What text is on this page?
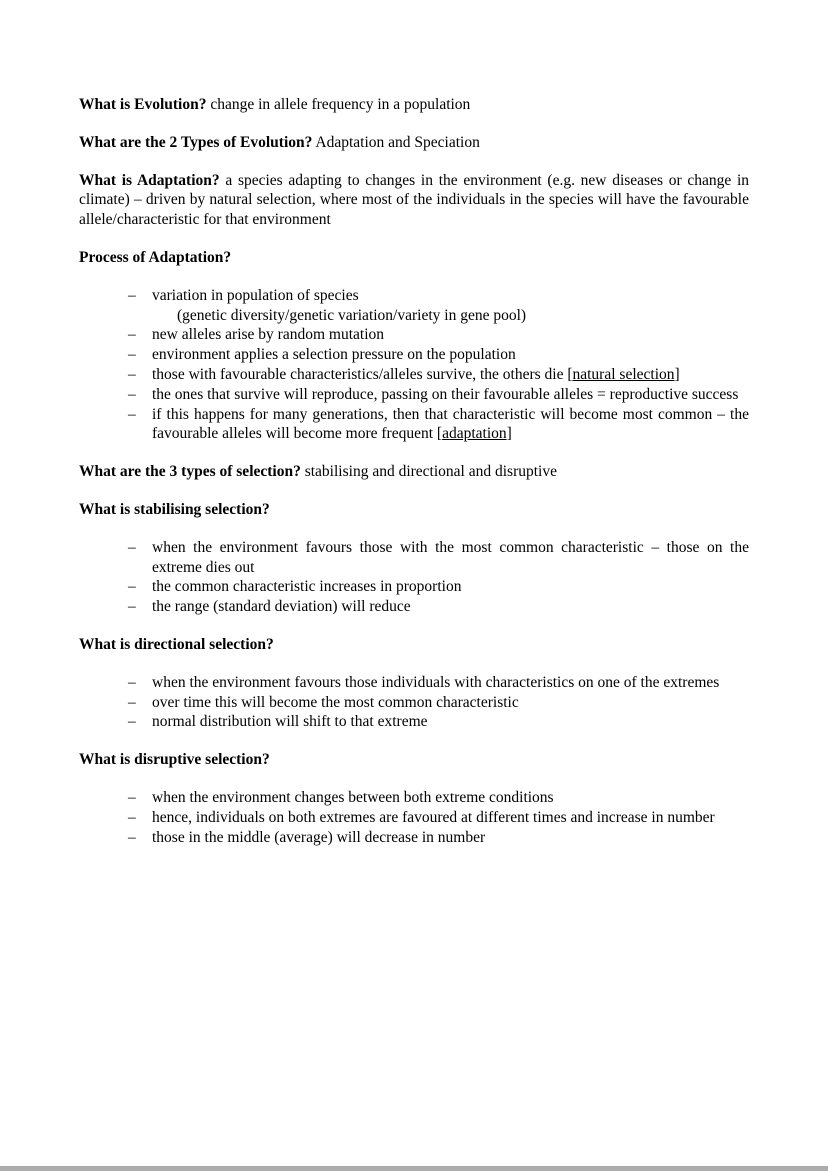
What is Evolution? change in allele frequency in a population

What are the 2 Types of Evolution? Adaptation and Speciation

What is Adaptation? a species adapting to changes in the environment (e.g. new diseases or change in climate) – driven by natural selection, where most of the individuals in the species will have the favourable allele/characteristic for that environment

Process of Adaptation?

–	variation in population of species
(genetic diversity/genetic variation/variety in gene pool)
–	new alleles arise by random mutation
–	environment applies a selection pressure on the population
–	those with favourable characteristics/alleles survive, the others die [natural selection]
–	the ones that survive will reproduce, passing on their favourable alleles = reproductive success
–	if this happens for many generations, then that characteristic will become most common – the favourable alleles will become more frequent [adaptation]

What are the 3 types of selection? stabilising and directional and disruptive

What is stabilising selection?

–	when the environment favours those with the most common characteristic – those on the extreme dies out
–	the common characteristic increases in proportion
–	the range (standard deviation) will reduce

What is directional selection?

–	when the environment favours those individuals with characteristics on one of the extremes
–	over time this will become the most common characteristic
–	normal distribution will shift to that extreme

What is disruptive selection?

–	when the environment changes between both extreme conditions
–	hence, individuals on both extremes are favoured at different times and increase in number
–	those in the middle (average) will decrease in number
